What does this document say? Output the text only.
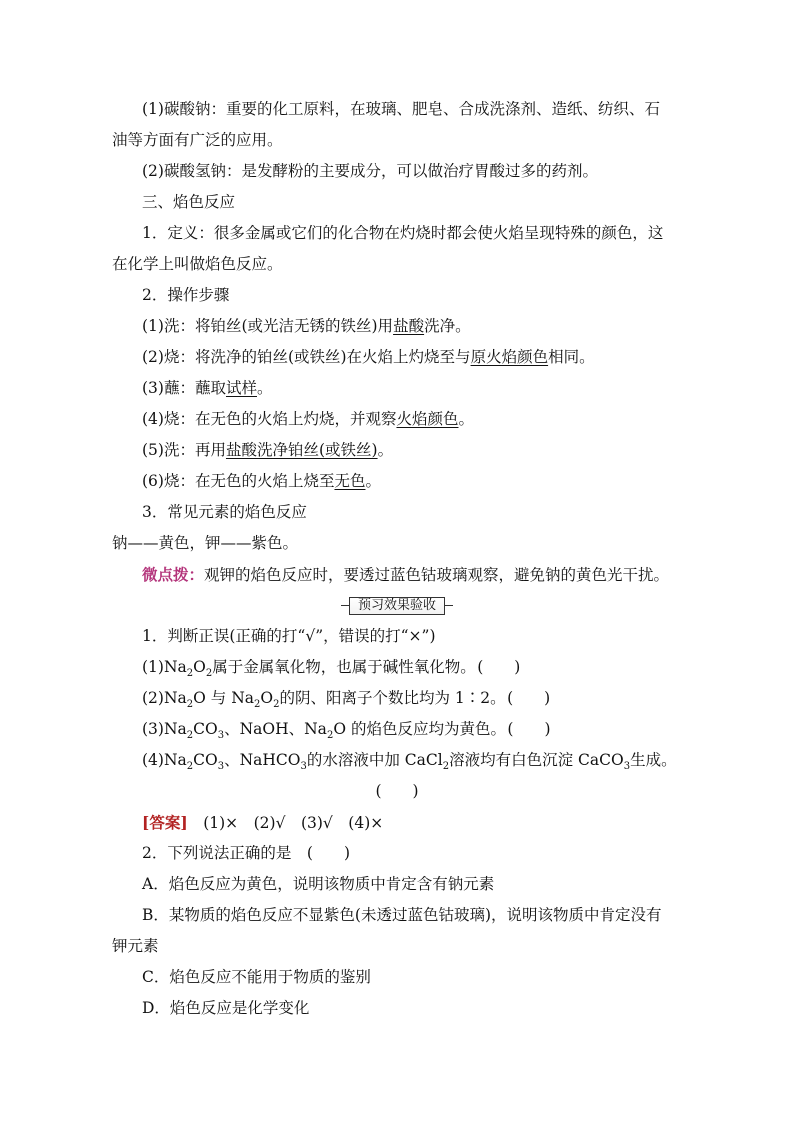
(1)碳酸钠：重要的化工原料，在玻璃、肥皂、合成洗涤剂、造纸、纺织、石
油等方面有广泛的应用。
(2)碳酸氢钠：是发酵粉的主要成分，可以做治疗胃酸过多的药剂。
三、焰色反应
1．定义：很多金属或它们的化合物在灼烧时都会使火焰呈现特殊的颜色，这
在化学上叫做焰色反应。
2．操作步骤
(1)洗：将铂丝(或光洁无锈的铁丝)用盐酸洗净。
(2)烧：将洗净的铂丝(或铁丝)在火焰上灼烧至与原火焰颜色相同。
(3)蘸：蘸取试样。
(4)烧：在无色的火焰上灼烧，并观察火焰颜色。
(5)洗：再用盐酸洗净铂丝(或铁丝)。
(6)烧：在无色的火焰上烧至无色。
3．常见元素的焰色反应
钠——黄色，钾——紫色。
微点拨：观钾的焰色反应时，要透过蓝色钴玻璃观察，避免钠的黄色光干扰。
预习效果验收
1．判断正误(正确的打“√”，错误的打“×”)
$(1)Na_2O_2$属于金属氧化物，也属于碱性氧化物。(　　)
$(2)Na_2O$ 与 $Na_2O_2$的阴、阳离子个数比均为 1∶2。(　　)
$(3)Na_2CO_3$、NaOH、$Na_2O$ 的焰色反应均为黄色。(　　)
$(4)Na_2CO_3$、NaHCO$_3$的水溶液中加 CaCl$_2$溶液均有白色沉淀 CaCO$_3$生成。
(　　)
[答案]　 (1)×　(2)√　(3)√　(4)×
2．下列说法正确的是　 (　　)
A．焰色反应为黄色，说明该物质中肯定含有钠元素
B．某物质的焰色反应不显紫色(未透过蓝色钴玻璃)，说明该物质中肯定没有
钾元素
C．焰色反应不能用于物质的鉴别
D．焰色反应是化学变化
